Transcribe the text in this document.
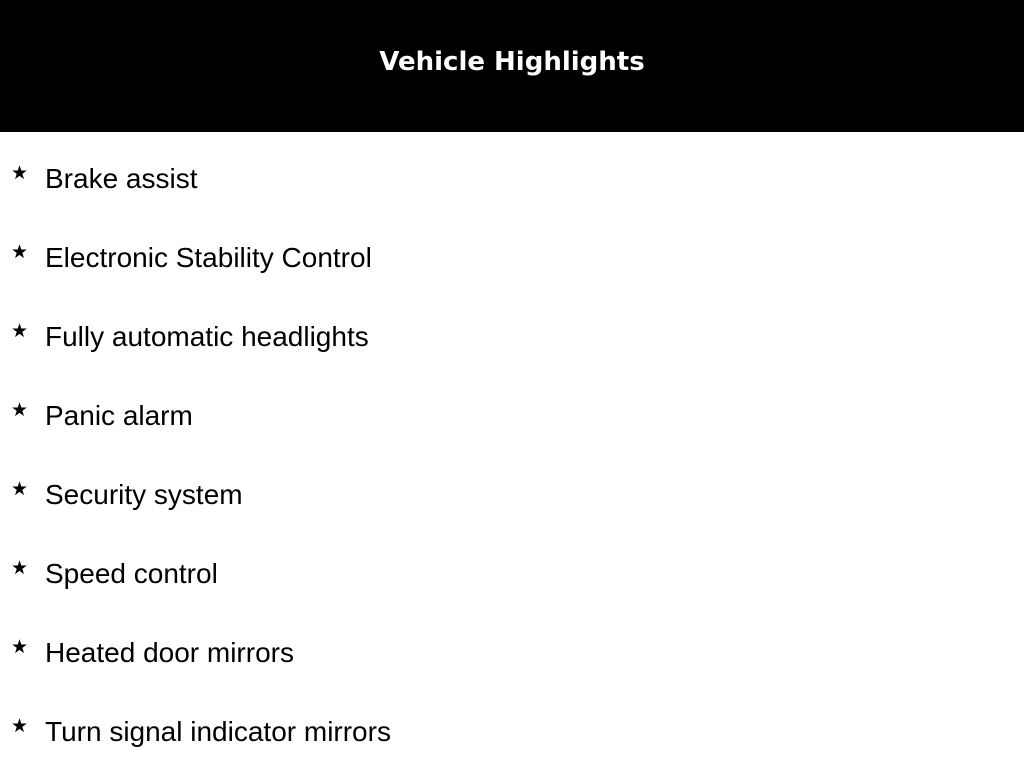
Vehicle Highlights
★ Brake assist
★ Electronic Stability Control
★ Fully automatic headlights
★ Panic alarm
★ Security system
★ Speed control
★ Heated door mirrors
★ Turn signal indicator mirrors
